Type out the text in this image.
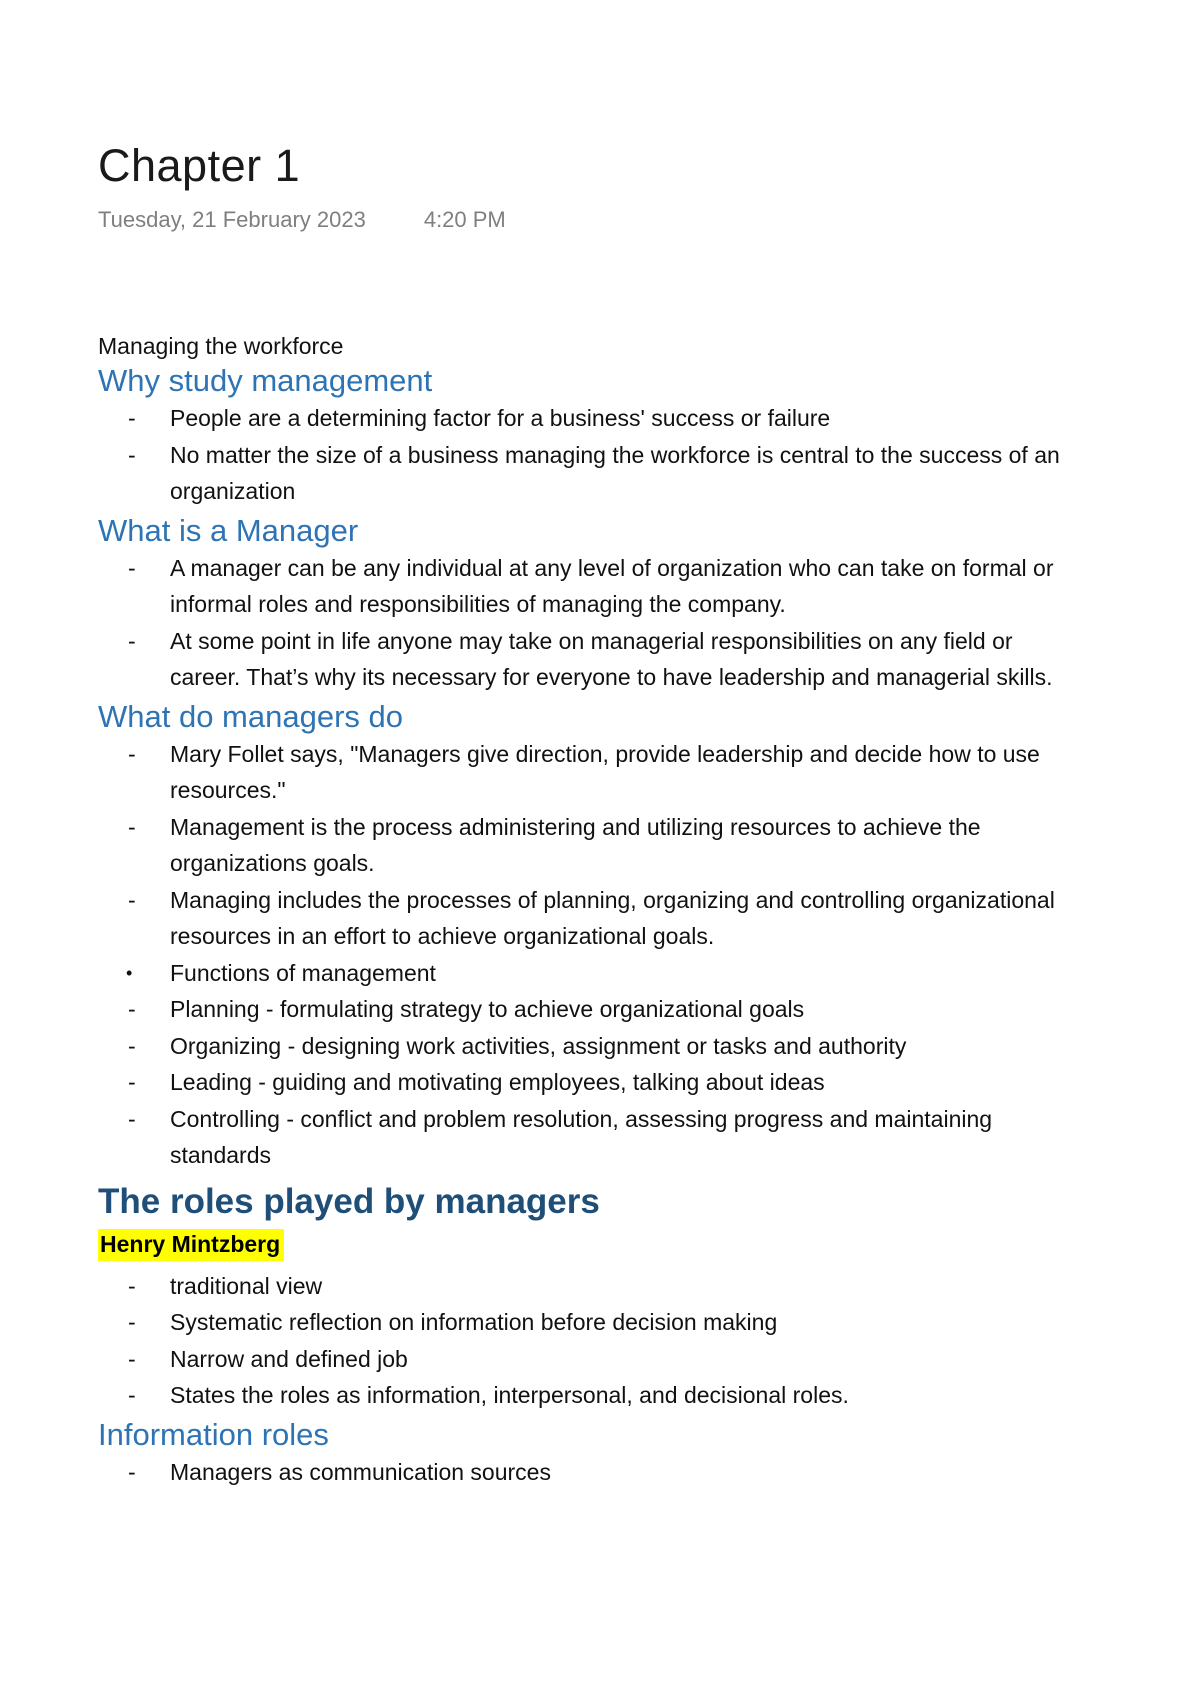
Chapter 1
Tuesday, 21 February 2023	4:20 PM
Managing the workforce
Why study management
-	People are a determining factor for a business' success or failure
-	No matter the size of a business managing the workforce is central to the success of an organization
What is a Manager
-	A manager can be any individual at any level of organization who can take on formal or informal roles and responsibilities of managing the company.
-	At some point in life anyone may take on managerial responsibilities on any field or career. That’s why its necessary for everyone to have leadership and managerial skills.
What do managers do
-	Mary Follet says, "Managers give direction, provide leadership and decide how to use resources."
-	Management is the process administering and utilizing resources to achieve the organizations goals.
-	Managing includes the processes of planning, organizing and controlling organizational resources in an effort to achieve organizational goals.
•	Functions of management
-	Planning - formulating strategy to achieve organizational goals
-	Organizing - designing work activities, assignment or tasks and authority
-	Leading - guiding and motivating employees, talking about ideas
-	Controlling - conflict and problem resolution, assessing progress and maintaining standards
The roles played by managers
Henry Mintzberg
-	traditional view
-	Systematic reflection on information before decision making
-	Narrow and defined job
-	States the roles as information, interpersonal, and decisional roles.
Information roles
-	Managers as communication sources
